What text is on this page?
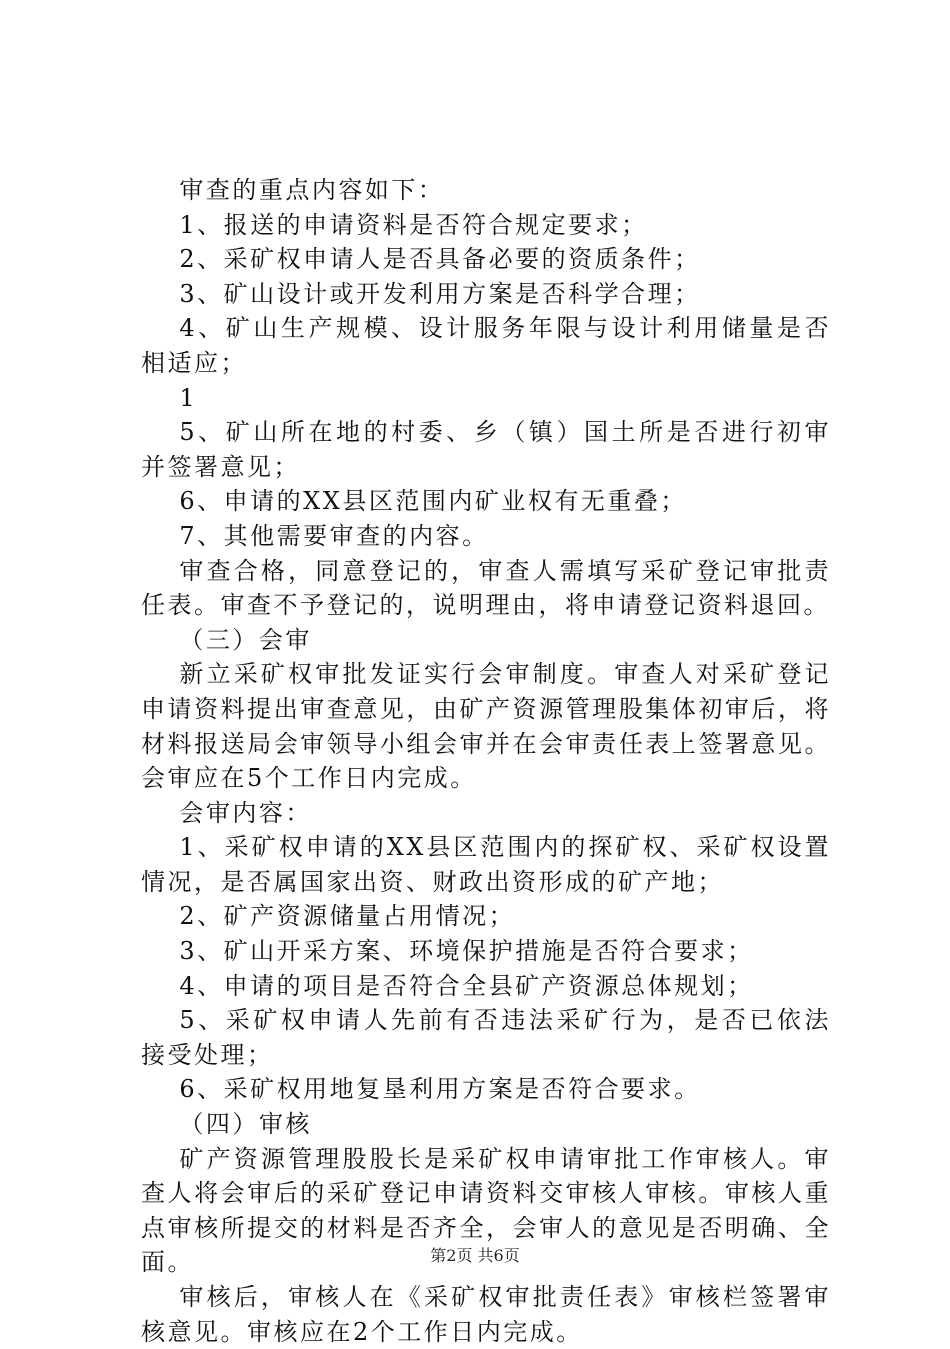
审查的重点内容如下：

1、报送的申请资料是否符合规定要求；

2、采矿权申请人是否具备必要的资质条件；

3、矿山设计或开发利用方案是否科学合理；

4、矿山生产规模、设计服务年限与设计利用储量是否相适应；

1

5、矿山所在地的村委、乡（镇）国土所是否进行初审并签署意见；

6、申请的XX县区范围内矿业权有无重叠；

7、其他需要审查的内容。

审查合格，同意登记的，审查人需填写采矿登记审批责任表。审查不予登记的，说明理由，将申请登记资料退回。

（三）会审

新立采矿权审批发证实行会审制度。审查人对采矿登记申请资料提出审查意见，由矿产资源管理股集体初审后，将材料报送局会审领导小组会审并在会审责任表上签署意见。会审应在5个工作日内完成。

会审内容：

1、采矿权申请的XX县区范围内的探矿权、采矿权设置情况，是否属国家出资、财政出资形成的矿产地；

2、矿产资源储量占用情况；

3、矿山开采方案、环境保护措施是否符合要求；

4、申请的项目是否符合全县矿产资源总体规划；

5、采矿权申请人先前有否违法采矿行为，是否已依法接受处理；

6、采矿权用地复垦利用方案是否符合要求。

（四）审核

矿产资源管理股股长是采矿权申请审批工作审核人。审查人将会审后的采矿登记申请资料交审核人审核。审核人重点审核所提交的材料是否齐全，会审人的意见是否明确、全面。

审核后，审核人在《采矿权审批责任表》审核栏签署审核意见。审核应在2个工作日内完成。

第2页 共6页
